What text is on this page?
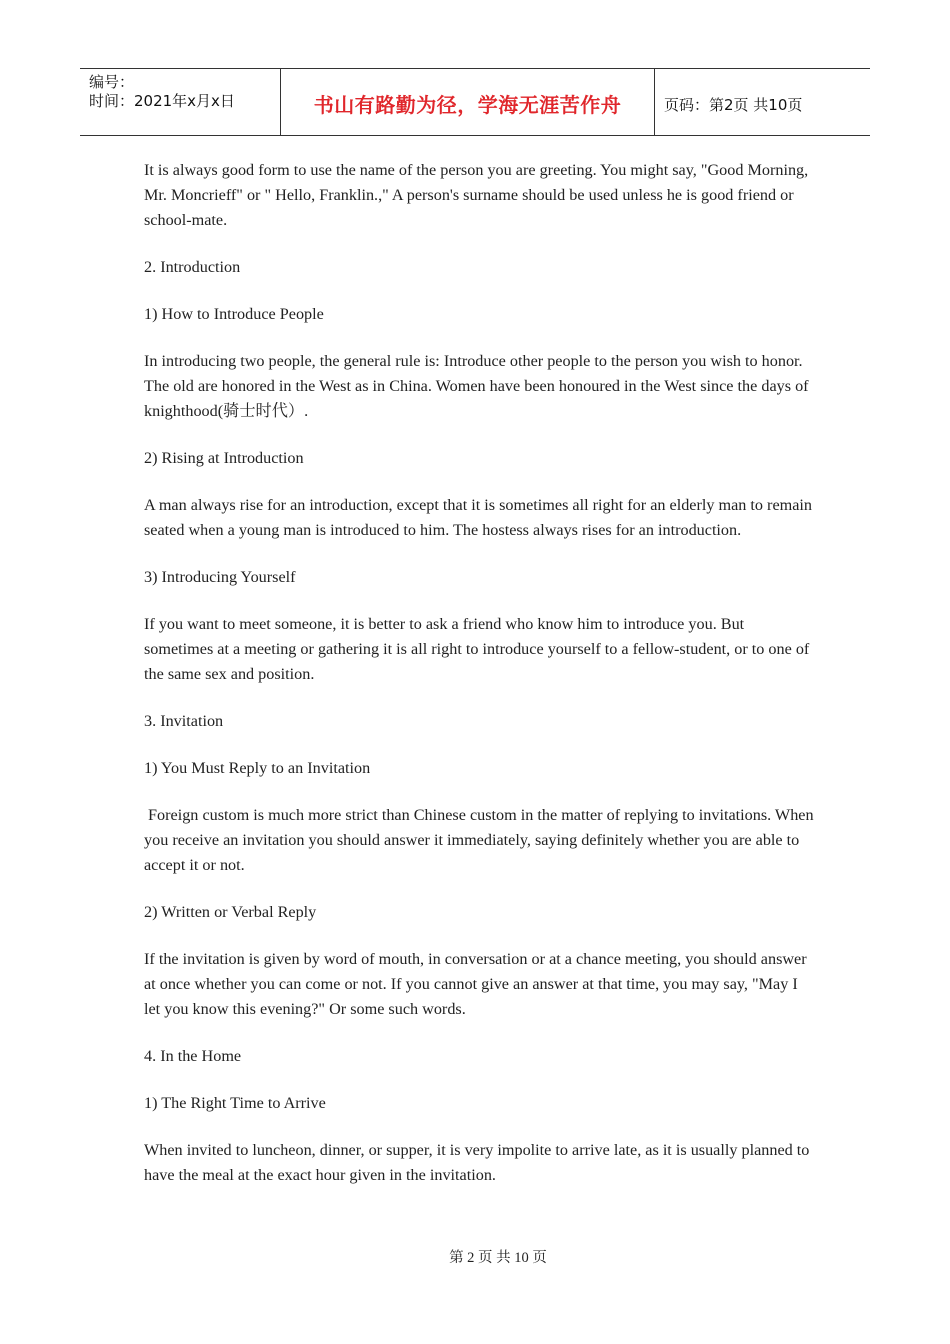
编号：
时间：2021年x月x日	书山有路勤为径，学海无涯苦作舟	页码：第2页 共10页

It is always good form to use the name of the person you are greeting. You might say, "Good Morning, Mr. Moncrieff" or " Hello, Franklin.," A person's surname should be used unless he is good friend or school-mate.

2. Introduction

1) How to Introduce People

In introducing two people, the general rule is: Introduce other people to the person you wish to honor. The old are honored in the West as in China. Women have been honoured in the West since the days of knighthood(骑士时代）.

2) Rising at Introduction

A man always rise for an introduction, except that it is sometimes all right for an elderly man to remain seated when a young man is introduced to him. The hostess always rises for an introduction.

3) Introducing Yourself

If you want to meet someone, it is better to ask a friend who know him to introduce you. But sometimes at a meeting or gathering it is all right to introduce yourself to a fellow-student, or to one of the same sex and position.

3. Invitation

1) You Must Reply to an Invitation

Foreign custom is much more strict than Chinese custom in the matter of replying to invitations. When you receive an invitation you should answer it immediately, saying definitely whether you are able to accept it or not.

2) Written or Verbal Reply

If the invitation is given by word of mouth, in conversation or at a chance meeting, you should answer at once whether you can come or not. If you cannot give an answer at that time, you may say, "May I let you know this evening?" Or some such words.

4. In the Home

1) The Right Time to Arrive

When invited to luncheon, dinner, or supper, it is very impolite to arrive late, as it is usually planned to have the meal at the exact hour given in the invitation.

第 2 页 共 10 页
